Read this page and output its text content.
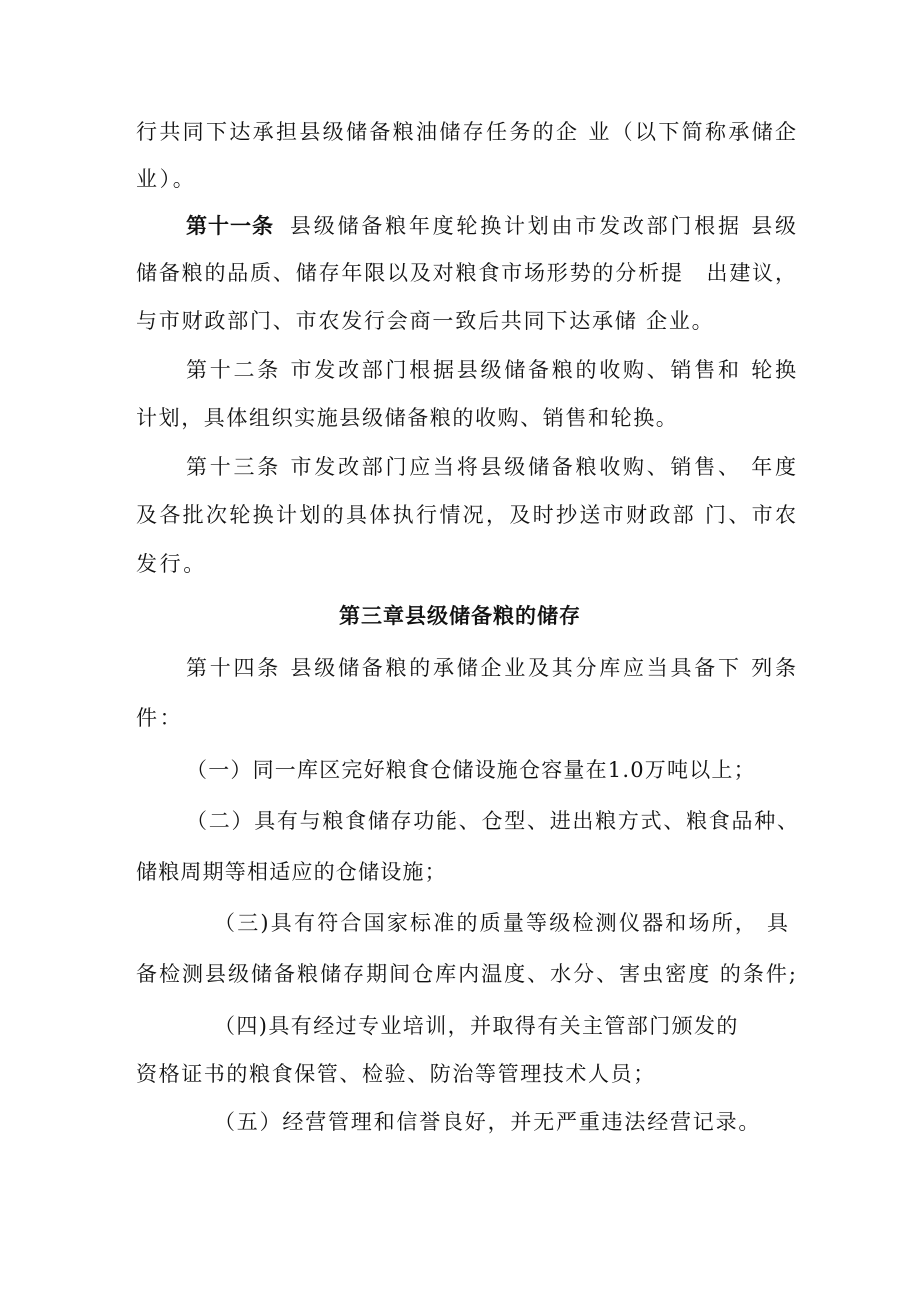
行共同下达承担县级储备粮油储存任务的企 业（以下简称承储企
业）。
第十一条 县级储备粮年度轮换计划由市发改部门根据 县级
储备粮的品质、储存年限以及对粮食市场形势的分析提　出建议，
与市财政部门、市农发行会商一致后共同下达承储 企业。
第十二条 市发改部门根据县级储备粮的收购、销售和 轮换
计划，具体组织实施县级储备粮的收购、销售和轮换。
第十三条 市发改部门应当将县级储备粮收购、销售、 年度
及各批次轮换计划的具体执行情况，及时抄送市财政部 门、市农
发行。
第三章县级储备粮的储存
第十四条 县级储备粮的承储企业及其分库应当具备下 列条
件：
（一）同一库区完好粮食仓储设施仓容量在1.0万吨以上；
（二）具有与粮食储存功能、仓型、进出粮方式、粮食品种、
储粮周期等相适应的仓储设施；
（三)具有符合国家标准的质量等级检测仪器和场所， 具
备检测县级储备粮储存期间仓库内温度、水分、害虫密度 的条件;
（四)具有经过专业培训，并取得有关主管部门颁发的
资格证书的粮食保管、检验、防治等管理技术人员；
（五）经营管理和信誉良好，并无严重违法经营记录。
